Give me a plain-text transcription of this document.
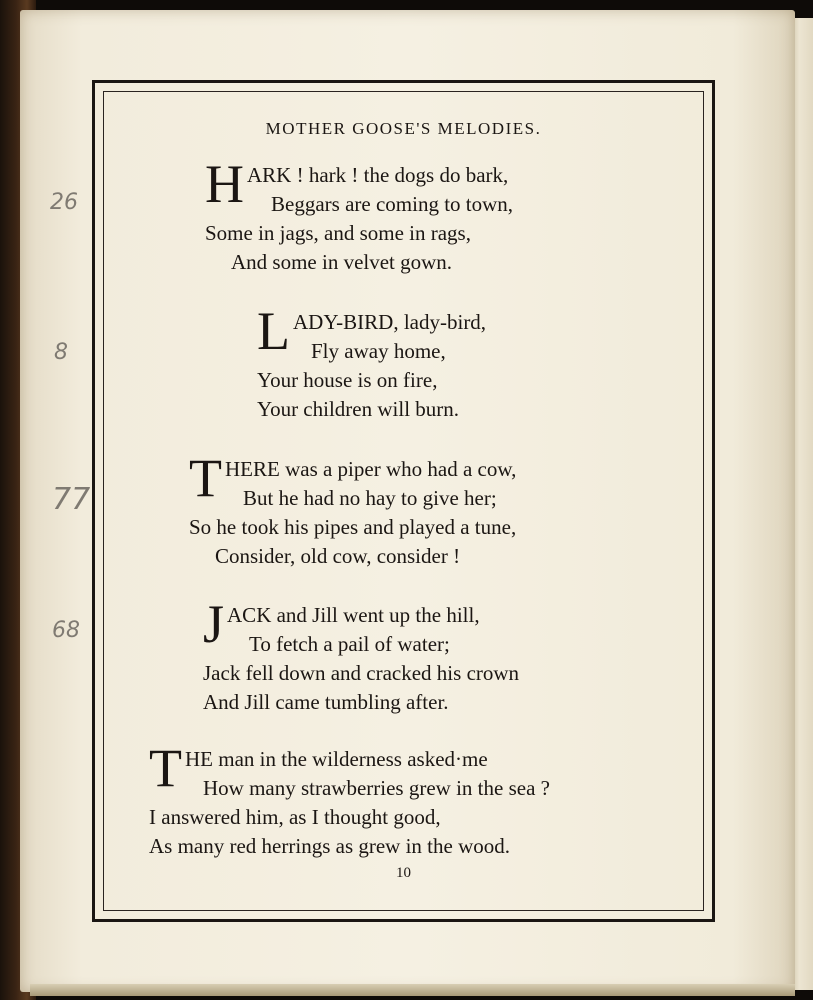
26
8
77
68
MOTHER GOOSE'S MELODIES.
HARK ! hark ! the dogs do bark,
Beggars are coming to town,
Some in jags, and some in rags,
And some in velvet gown.
LADY-BIRD, lady-bird,
Fly away home,
Your house is on fire,
Your children will burn.
THERE was a piper who had a cow,
But he had no hay to give her;
So he took his pipes and played a tune,
Consider, old cow, consider !
JACK and Jill went up the hill,
To fetch a pail of water;
Jack fell down and cracked his crown
And Jill came tumbling after.
THE man in the wilderness asked·me
How many strawberries grew in the sea ?
I answered him, as I thought good,
As many red herrings as grew in the wood.
10
